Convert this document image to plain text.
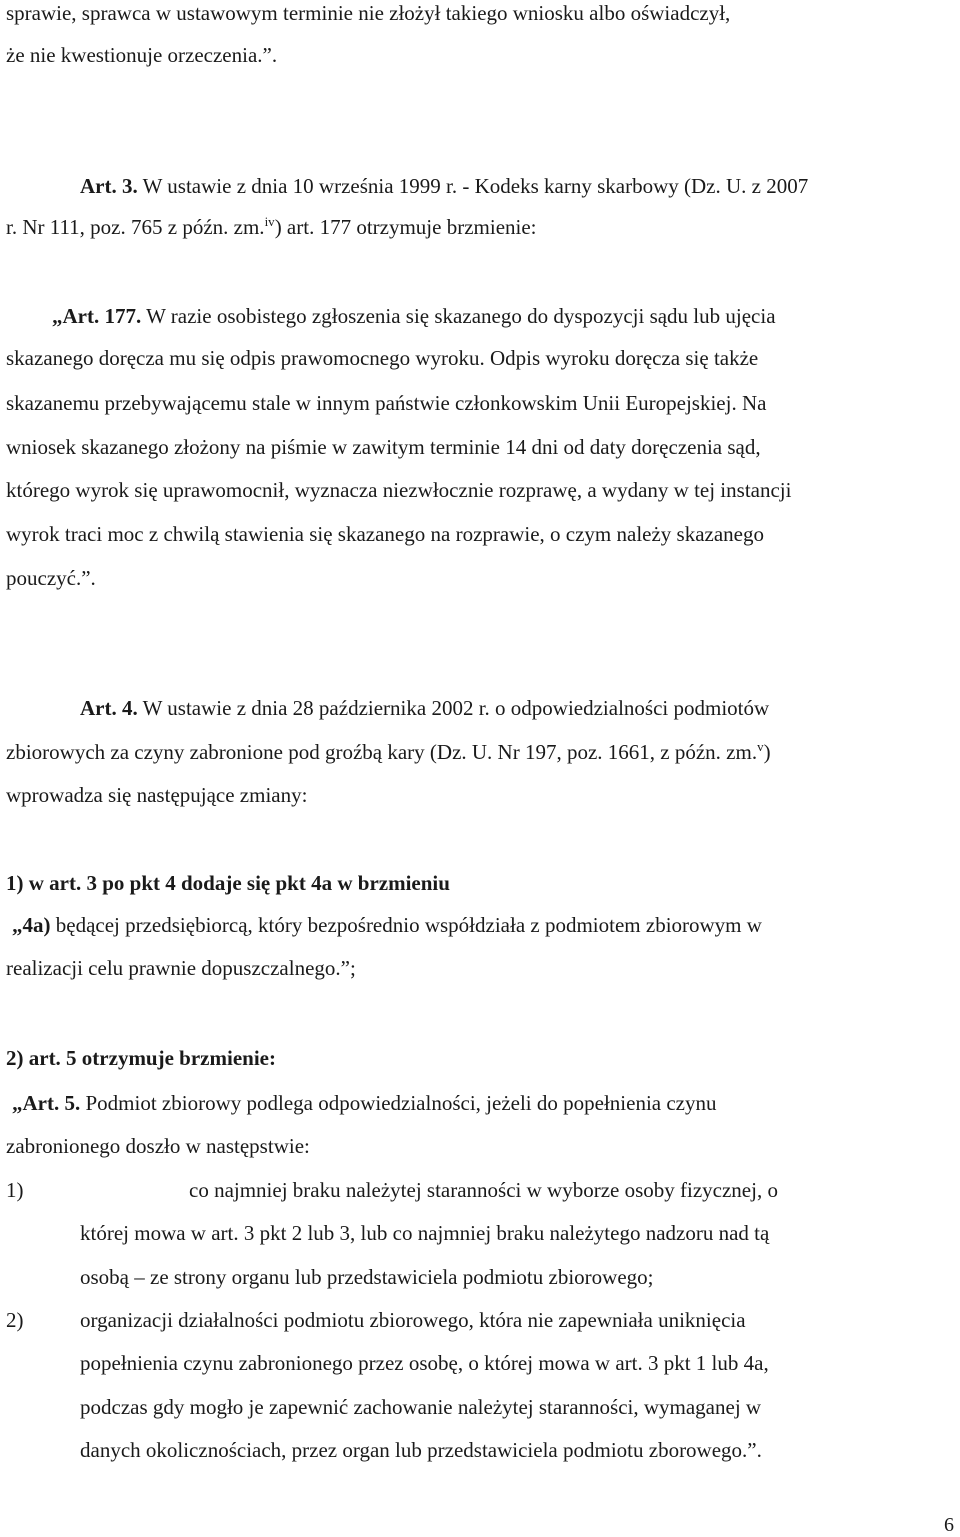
sprawie, sprawca w ustawowym terminie nie złożył takiego wniosku albo oświadczył,
że nie kwestionuje orzeczenia.”.
Art. 3. W ustawie z dnia 10 września 1999 r. - Kodeks karny skarbowy (Dz. U. z 2007
r. Nr 111, poz. 765 z późn. zm.$^{iv}$) art. 177 otrzymuje brzmienie:
„Art. 177. W razie osobistego zgłoszenia się skazanego do dyspozycji sądu lub ujęcia
skazanego doręcza mu się odpis prawomocnego wyroku. Odpis wyroku doręcza się także
skazanemu przebywającemu stale w innym państwie członkowskim Unii Europejskiej. Na
wniosek skazanego złożony na piśmie w zawitym terminie 14 dni od daty doręczenia sąd,
którego wyrok się uprawomocnił, wyznacza niezwłocznie rozprawę, a wydany w tej instancji
wyrok traci moc z chwilą stawienia się skazanego na rozprawie, o czym należy skazanego
pouczyć.”.
Art. 4. W ustawie z dnia 28 października 2002 r. o odpowiedzialności podmiotów
zbiorowych za czyny zabronione pod groźbą kary (Dz. U. Nr 197, poz. 1661, z późn. zm.$^v$)
wprowadza się następujące zmiany:
1) w art. 3 po pkt 4 dodaje się pkt 4a w brzmieniu
„4a) będącej przedsiębiorcą, który bezpośrednio współdziała z podmiotem zbiorowym w
realizacji celu prawnie dopuszczalnego.”;
2) art. 5 otrzymuje brzmienie:
„Art. 5. Podmiot zbiorowy podlega odpowiedzialności, jeżeli do popełnienia czynu
zabronionego doszło w następstwie:
1)	co najmniej braku należytej staranności w wyborze osoby fizycznej, o
której mowa w art. 3 pkt 2 lub 3, lub co najmniej braku należytego nadzoru nad tą
osobą – ze strony organu lub przedstawiciela podmiotu zbiorowego;
2)	organizacji działalności podmiotu zbiorowego, która nie zapewniała uniknięcia
popełnienia czynu zabronionego przez osobę, o której mowa w art. 3 pkt 1 lub 4a,
podczas gdy mogło je zapewnić zachowanie należytej staranności, wymaganej w
danych okolicznościach, przez organ lub przedstawiciela podmiotu zborowego.”.
6
